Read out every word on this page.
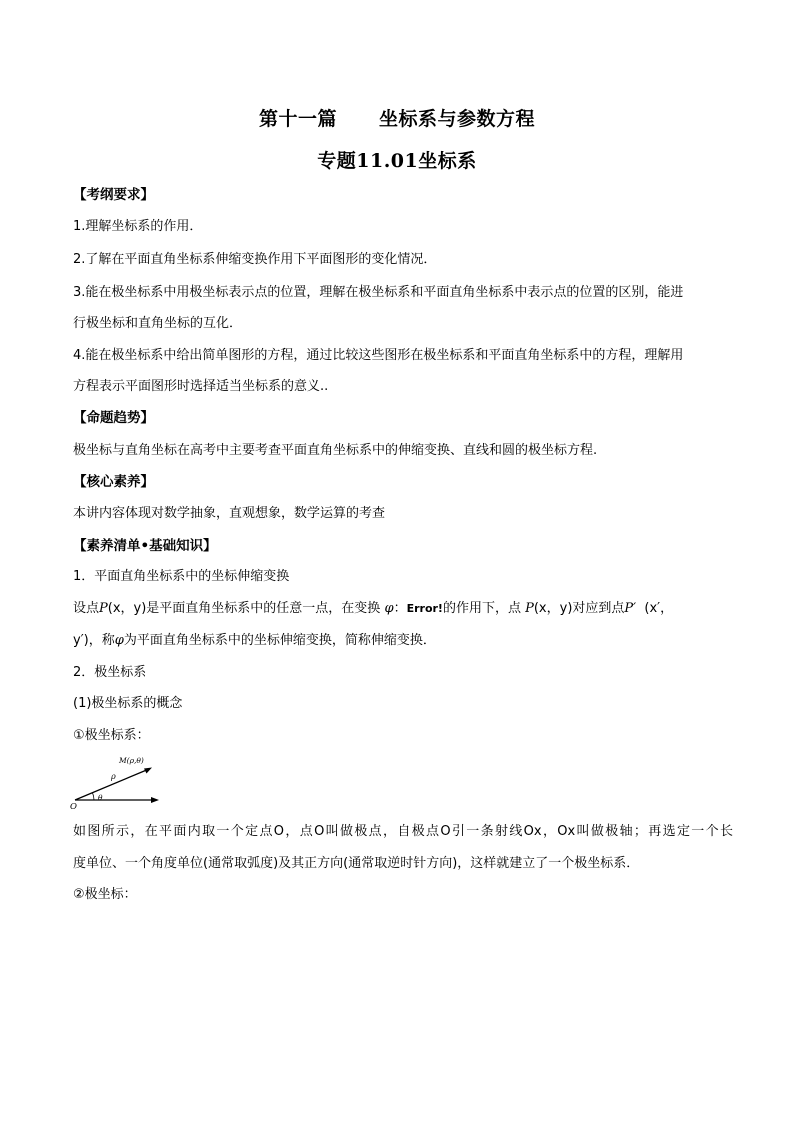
第十一篇 坐标系与参数方程
专题11.01坐标系
【考纲要求】
1.理解坐标系的作用．
2.了解在平面直角坐标系伸缩变换作用下平面图形的变化情况．
3.能在极坐标系中用极坐标表示点的位置，理解在极坐标系和平面直角坐标系中表示点的位置的区别，能进
行极坐标和直角坐标的互化．
4.能在极坐标系中给出简单图形的方程，通过比较这些图形在极坐标系和平面直角坐标系中的方程，理解用
方程表示平面图形时选择适当坐标系的意义..
【命题趋势】
极坐标与直角坐标在高考中主要考查平面直角坐标系中的伸缩变换、直线和圆的极坐标方程.
【核心素养】
本讲内容体现对数学抽象，直观想象，数学运算的考查
【素养清单•基础知识】
1．平面直角坐标系中的坐标伸缩变换
设点P(x，y)是平面直角坐标系中的任意一点，在变换 φ：Error!的作用下，点 P(x，y)对应到点P′ (x′，
y′)，称φ为平面直角坐标系中的坐标伸缩变换，简称伸缩变换．
2．极坐标系
(1)极坐标系的概念
①极坐标系：
M(ρ,θ)
ρ
θ
O
如图所示，在平面内取一个定点O，点O叫做极点，自极点O引一条射线Ox，Ox叫做极轴；再选定一个长
度单位、一个角度单位(通常取弧度)及其正方向(通常取逆时针方向)，这样就建立了一个极坐标系．
②极坐标：
